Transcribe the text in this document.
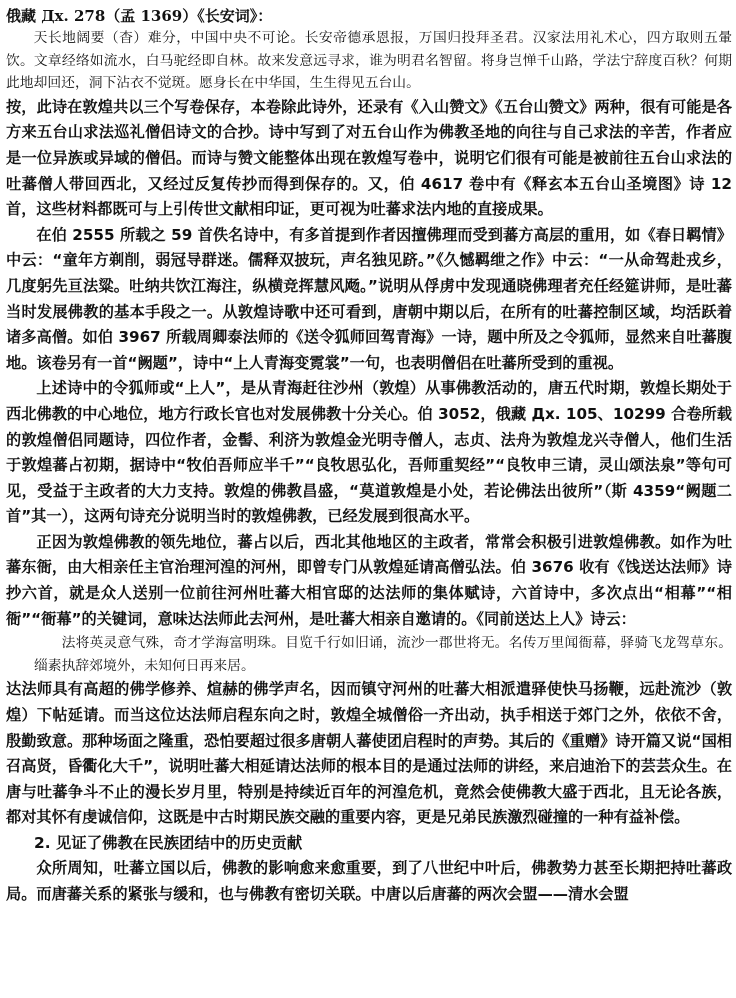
俄藏 Дx. 278（孟 1369）《长安词》：
天长地阔要（杳）难分，中国中央不可论。长安帝德承恩报，万国归投拜圣君。汉家法用礼术心，四方取则五暈饮。文章经络如流水，白马驼经即自林。故来发意远寻求，谁为明君名智留。将身岂惮千山路，学法宁辞度百秋？何期此地却回还，洞下沾衣不觉斑。愿身长在中华国，生生得见五台山。

按，此诗在敦煌共以三个写卷保存，本卷除此诗外，还录有《入山赞文》《五台山赞文》两种，很有可能是各方来五台山求法巡礼僧侣诗文的合抄。诗中写到了对五台山作为佛教圣地的向往与自己求法的辛苦，作者应是一位异族或异域的僧侣。而诗与赞文能整体出现在敦煌写卷中，说明它们很有可能是被前往五台山求法的吐蕃僧人带回西北，又经过反复传抄而得到保存的。又，伯 4617 卷中有《释玄本五台山圣境图》诗 12 首，这些材料都既可与上引传世文献相印证，更可视为吐蕃求法内地的直接成果。

在伯 2555 所载之 59 首佚名诗中，有多首提到作者因擅佛理而受到蕃方高层的重用，如《春日羁情》中云：“童年方剃削，弱冠导群迷。儒释双披玩，声名独见跻。”《久憾羁绁之作》中云：“一从命驾赴戎乡，几度躬先亘法粱。吐纳共饮江海注，纵横竞挥慧风飏。”说明从俘虏中发现通晓佛理者充任经筵讲师，是吐蕃当时发展佛教的基本手段之一。从敦煌诗歌中还可看到，唐朝中期以后，在所有的吐蕃控制区域，均活跃着诸多高僧。如伯 3967 所载周卿泰法师的《送令狐师回驾青海》一诗，题中所及之令狐师，显然来自吐蕃腹地。该卷另有一首“阙题”，诗中“上人青海变霓裳”一句，也表明僧侣在吐蕃所受到的重视。

上述诗中的令狐师或“上人”，是从青海赶往沙州（敦煌）从事佛教活动的，唐五代时期，敦煌长期处于西北佛教的中心地位，地方行政长官也对发展佛教十分关心。伯 3052，俄藏 Дx. 105、10299 合卷所载的敦煌僧侣同题诗，四位作者，金髻、利济为敦煌金光明寺僧人，志贞、法舟为敦煌龙兴寺僧人，他们生活于敦煌蕃占初期，据诗中“牧伯吾师应半千”“良牧思弘化，吾师重契经”“良牧申三请，灵山颂法泉”等句可见，受益于主政者的大力支持。敦煌的佛教昌盛，“莫道敦煌是小处，若论佛法出彼所”（斯 4359“阙题二首”其一），这两句诗充分说明当时的敦煌佛教，已经发展到很高水平。

正因为敦煌佛教的领先地位，蕃占以后，西北其他地区的主政者，常常会积极引进敦煌佛教。如作为吐蕃东衙，由大相亲任主官治理河湟的河州，即曾专门从敦煌延请高僧弘法。伯 3676 收有《饯送达法师》诗抄六首，就是众人送别一位前往河州吐蕃大相官邸的达法师的集体赋诗，六首诗中，多次点出“相幕”“相衙”“衙幕”的关键词，意味达法师此去河州，是吐蕃大相亲自邀请的。《同前送达上人》诗云：

法将英灵意气殊，奇才学海富明珠。目览千行如旧诵，流沙一郡世将无。名传万里闻衙幕，驿骑飞龙驾草东。缁素执辞郊境外，未知何日再来居。

达法师具有高超的佛学修养、煊赫的佛学声名，因而镇守河州的吐蕃大相派遣驿使快马扬鞭，远赴流沙（敦煌）下帖延请。而当这位达法师启程东向之时，敦煌全城僧俗一齐出动，执手相送于郊门之外，依依不舍，殷勤致意。那种场面之隆重，恐怕要超过很多唐朝人蕃使团启程时的声势。其后的《重赠》诗开篇又说“国相召高贤，昏衢化大千”，说明吐蕃大相延请达法师的根本目的是通过法师的讲经，来启迪治下的芸芸众生。在唐与吐蕃争斗不止的漫长岁月里，特别是持续近百年的河湟危机，竟然会使佛教大盛于西北，且无论各族，都对其怀有虔诚信仰，这既是中古时期民族交融的重要内容，更是兄弟民族激烈碰撞的一种有益补偿。

2. 见证了佛教在民族团结中的历史贡献

众所周知，吐蕃立国以后，佛教的影响愈来愈重要，到了八世纪中叶后，佛教势力甚至长期把持吐蕃政局。而唐蕃关系的紧张与缓和，也与佛教有密切关联。中唐以后唐蕃的两次会盟——清水会盟
